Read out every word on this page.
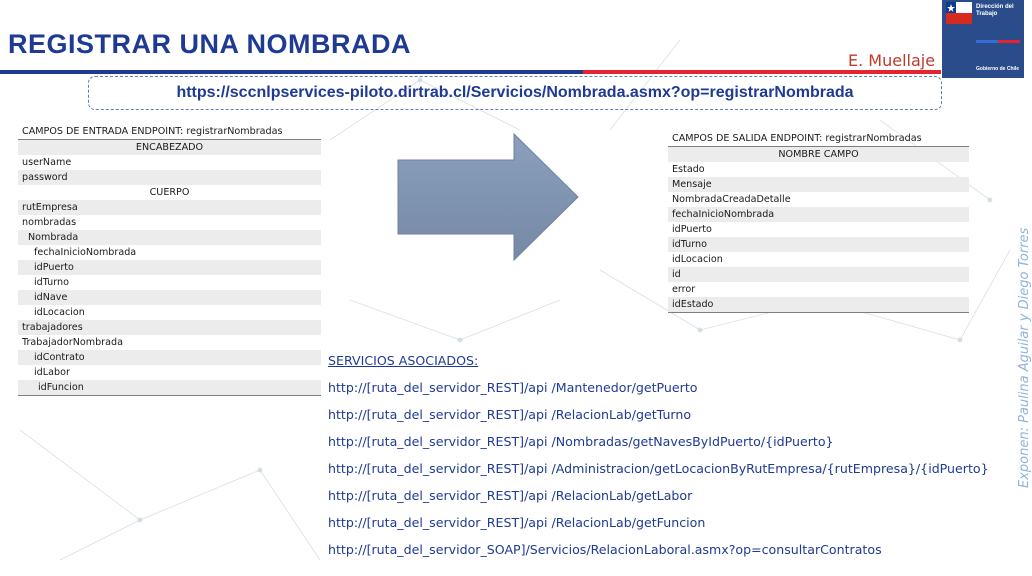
REGISTRAR UNA NOMBRADA
E. Muellaje
Dirección del
Trabajo
Gobierno de Chile
https://sccnlpservices-piloto.dirtrab.cl/Servicios/Nombrada.asmx?op=registrarNombrada
CAMPOS DE ENTRADA ENDPOINT: registrarNombradas
ENCABEZADO
userName
password
CUERPO
rutEmpresa
nombradas
Nombrada
fechaInicioNombrada
idPuerto
idTurno
idNave
idLocacion
trabajadores
TrabajadorNombrada
idContrato
idLabor
idFuncion
CAMPOS DE SALIDA ENDPOINT: registrarNombradas
NOMBRE CAMPO
Estado
Mensaje
NombradaCreadaDetalle
fechaInicioNombrada
idPuerto
idTurno
idLocacion
id
error
idEstado
SERVICIOS ASOCIADOS:
http://[ruta_del_servidor_REST]/api /Mantenedor/getPuerto
http://[ruta_del_servidor_REST]/api /RelacionLab/getTurno
http://[ruta_del_servidor_REST]/api /Nombradas/getNavesByIdPuerto/{idPuerto}
http://[ruta_del_servidor_REST]/api /Administracion/getLocacionByRutEmpresa/{rutEmpresa}/{idPuerto}
http://[ruta_del_servidor_REST]/api /RelacionLab/getLabor
http://[ruta_del_servidor_REST]/api /RelacionLab/getFuncion
http://[ruta_del_servidor_SOAP]/Servicios/RelacionLaboral.asmx?op=consultarContratos
Exponen: Paulina Aguilar y Diego Torres
